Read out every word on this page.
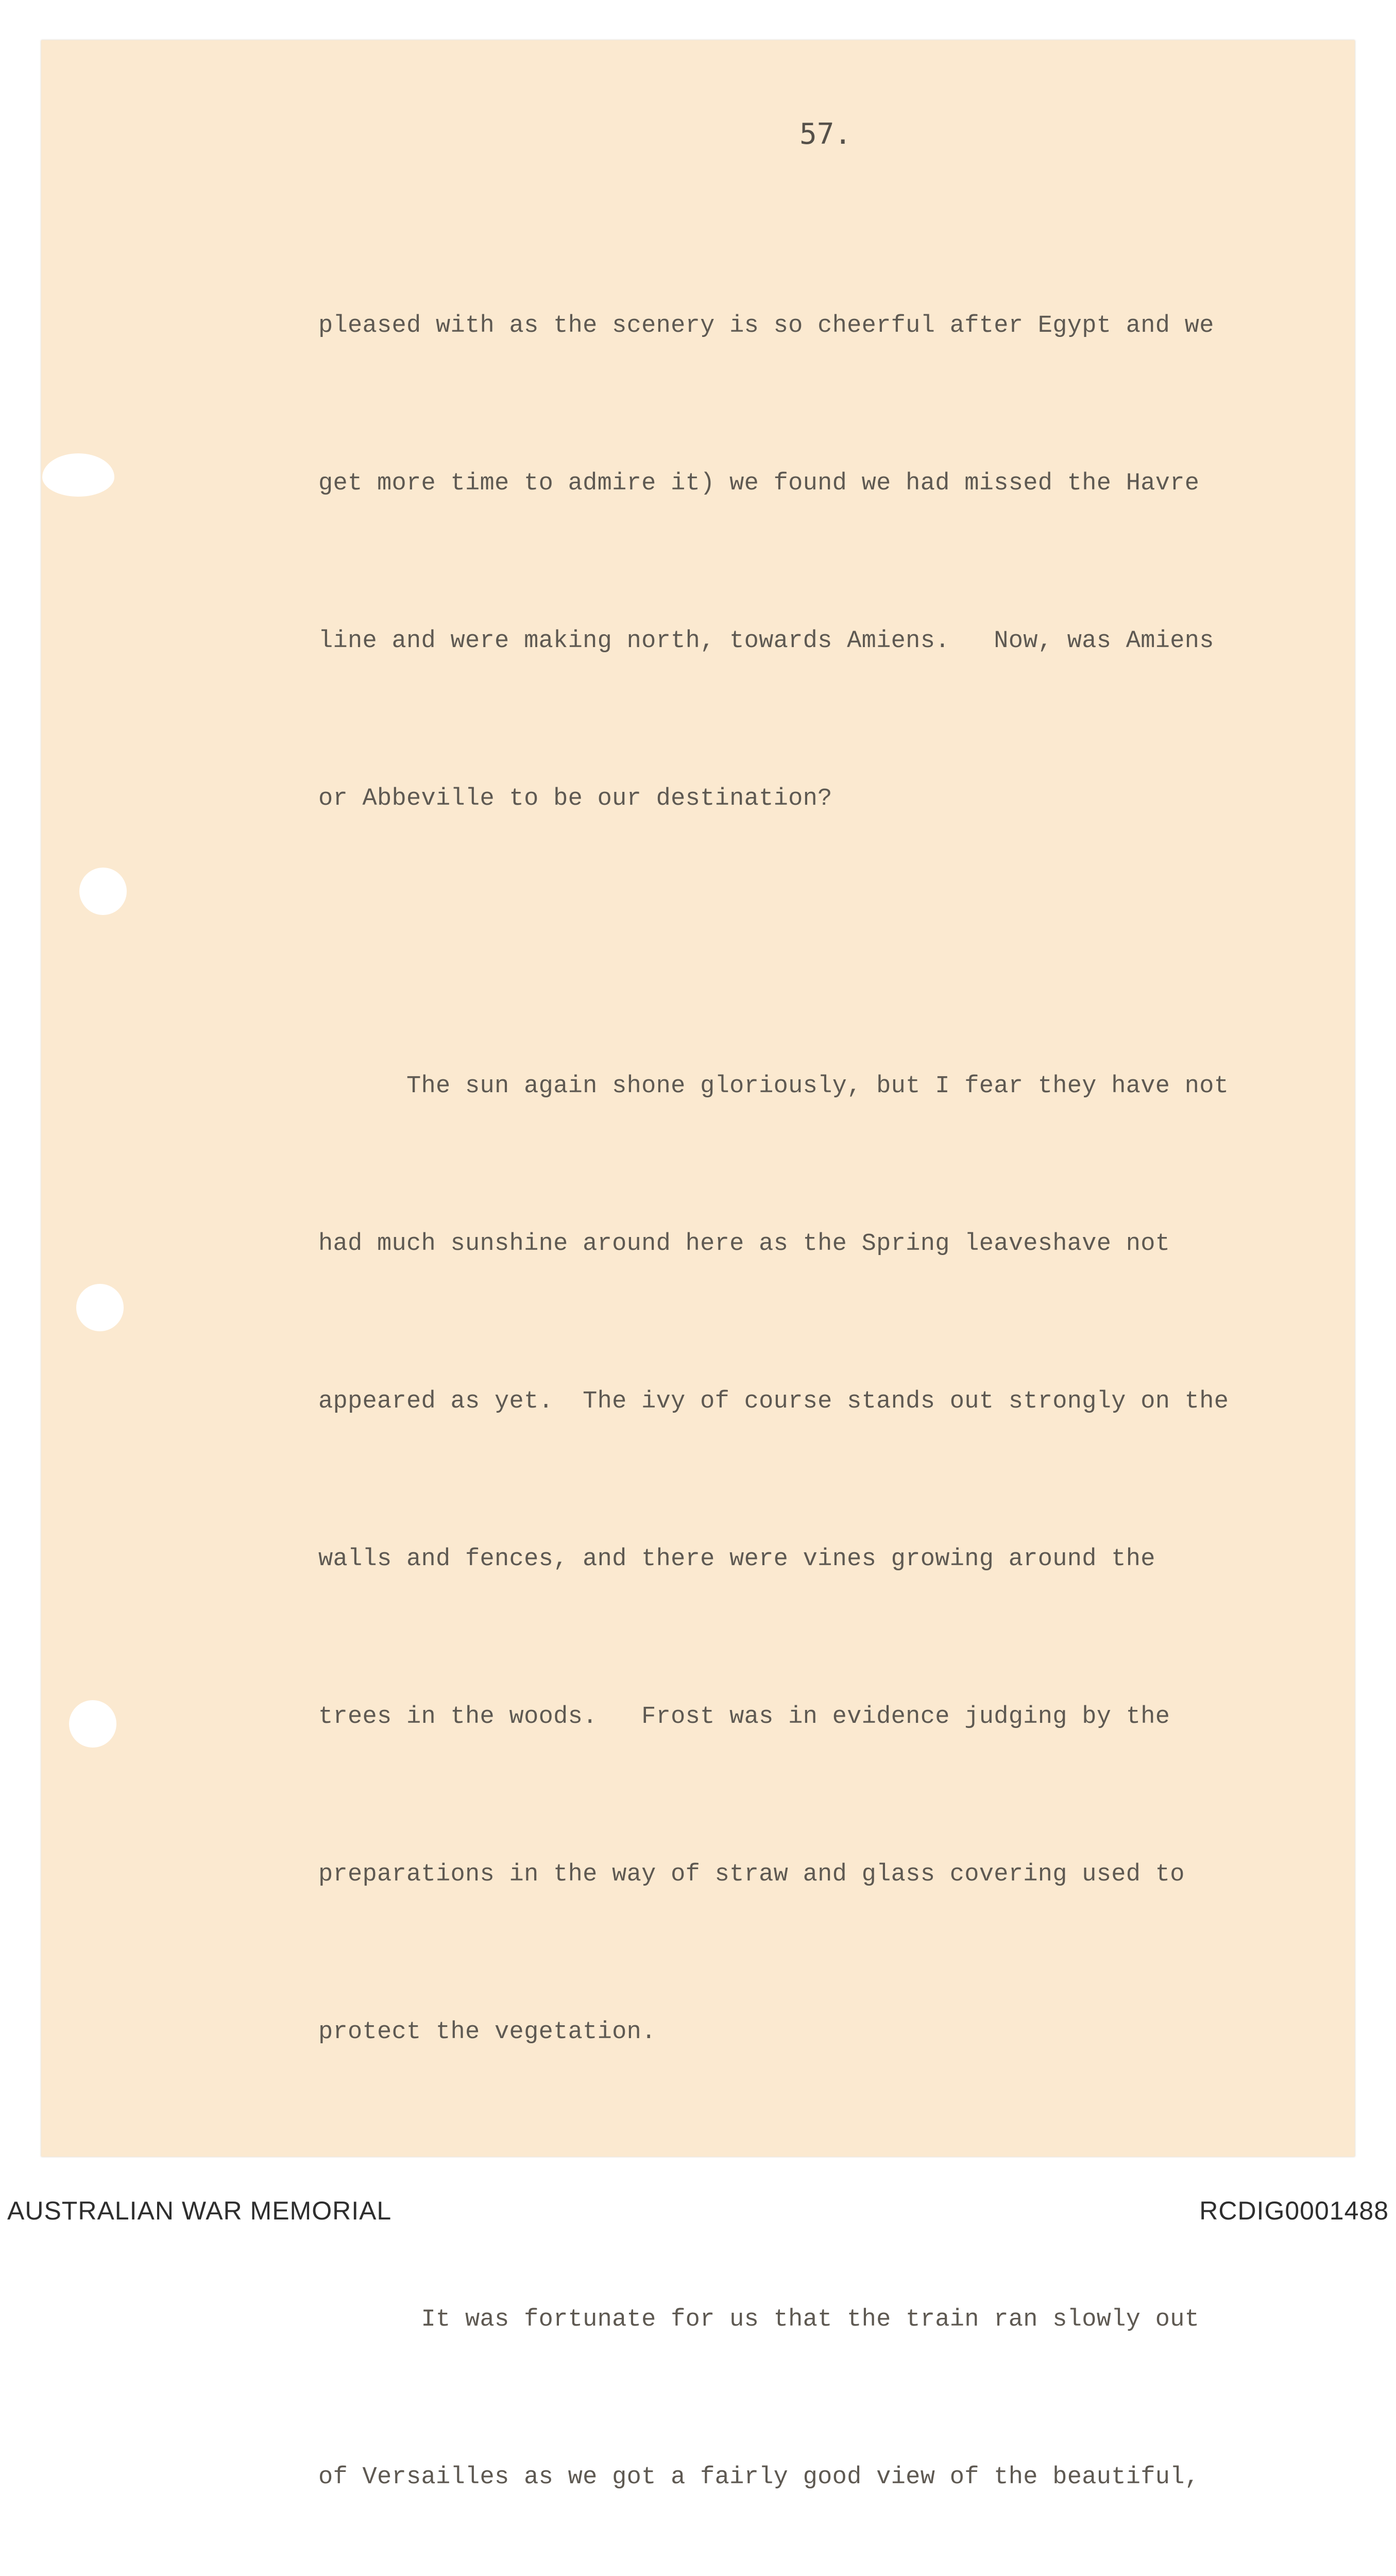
57.

pleased with as the scenery is so cheerful after Egypt and we

get more time to admire it) we found we had missed the Havre

line and were making north, towards Amiens.   Now, was Amiens

or Abbeville to be our destination?

The sun again shone gloriously, but I fear they have not

had much sunshine around here as the Spring leaveshave not

appeared as yet.  The ivy of course stands out strongly on the

walls and fences, and there were vines growing around the

trees in the woods.   Frost was in evidence judging by the

preparations in the way of straw and glass covering used to

protect the vegetation.

It was fortunate for us that the train ran slowly out

of Versailles as we got a fairly good view of the beautiful,

AUSTRALIAN WAR MEMORIAL	RCDIG0001488
